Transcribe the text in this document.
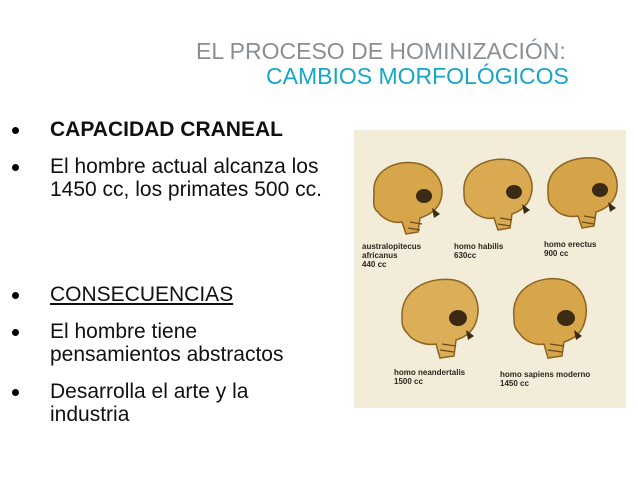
EL PROCESO DE HOMINIZACIÓN:
CAMBIOS MORFOLÓGICOS
CAPACIDAD CRANEAL
El hombre actual alcanza los 1450 cc, los primates 500 cc.
CONSECUENCIAS
El hombre tiene pensamientos abstractos
Desarrolla el arte y la industria
australopitecus
africanus
440 cc
homo habilis
630cc
homo erectus
900 cc
homo neandertalis
1500 cc
homo sapiens moderno
1450 cc
